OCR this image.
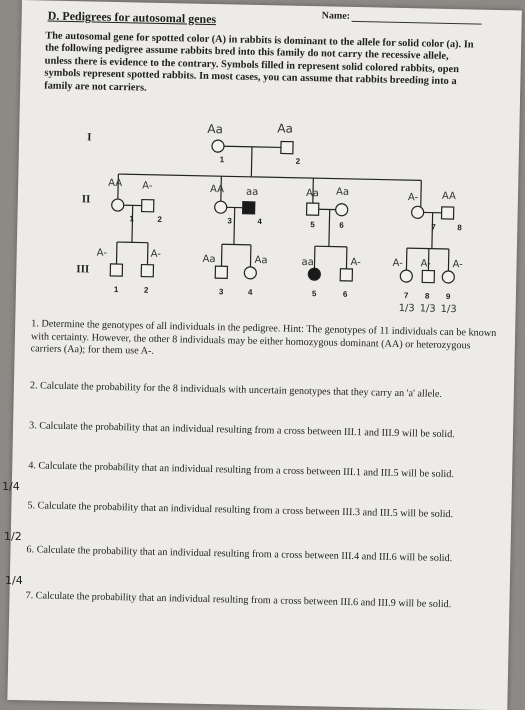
Name:
D. Pedigrees for autosomal genes
The autosomal gene for spotted color (A) in rabbits is dominant to the allele for solid color (a). In the following pedigree assume rabbits bred into this family do not carry the recessive allele, unless there is evidence to the contrary. Symbols filled in represent solid colored rabbits, open symbols represent spotted rabbits. In most cases, you can assume that rabbits breeding into a family are not carriers.
I
II
III
1	2
Aa	Aa
1	2	3	4	5	6	7	8
AA A-	AA aa	Aa Aa	A- AA
1	2	3	4	5	6	7 8 9
A-	A-	Aa	Aa	aa	A-	A- A- A-
1/3 1/3 1/3
1. Determine the genotypes of all individuals in the pedigree. Hint: The genotypes of 11 individuals can be known with certainty. However, the other 8 individuals may be either homozygous dominant (AA) or heterozygous carriers (Aa); for them use A-.
2. Calculate the probability for the 8 individuals with uncertain genotypes that they carry an 'a' allele.
3. Calculate the probability that an individual resulting from a cross between III.1 and III.9 will be solid.
4. Calculate the probability that an individual resulting from a cross between III.1 and III.5 will be solid.
5. Calculate the probability that an individual resulting from a cross between III.3 and III.5 will be solid.
6. Calculate the probability that an individual resulting from a cross between III.4 and III.6 will be solid.
7. Calculate the probability that an individual resulting from a cross between III.6 and III.9 will be solid.
1/4
1/2
1/4
